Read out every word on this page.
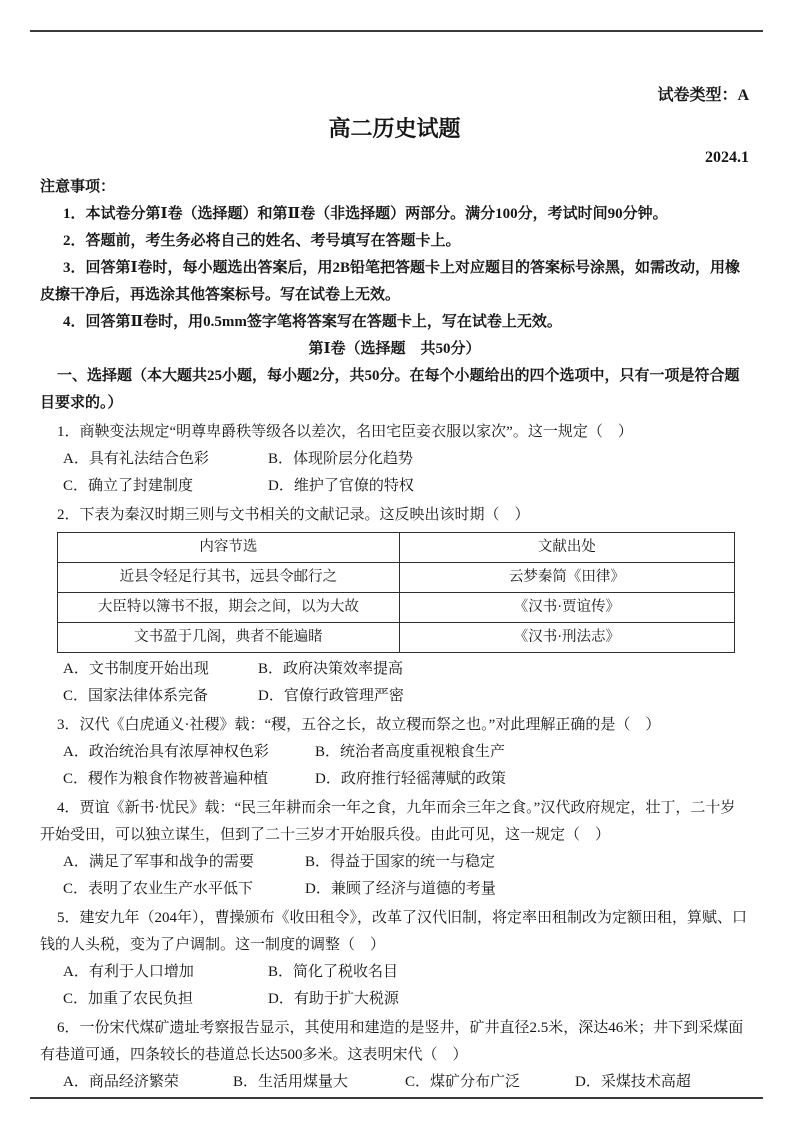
试卷类型：A

高二历史试题

2024.1

注意事项：

1．本试卷分第Ⅰ卷（选择题）和第Ⅱ卷（非选择题）两部分。满分100分，考试时间90分钟。

2．答题前，考生务必将自己的姓名、考号填写在答题卡上。

3．回答第Ⅰ卷时，每小题选出答案后，用2B铅笔把答题卡上对应题目的答案标号涂黑，如需改动，用橡皮擦干净后，再选涂其他答案标号。写在试卷上无效。

4．回答第Ⅱ卷时，用0.5mm签字笔将答案写在答题卡上，写在试卷上无效。

第Ⅰ卷（选择题　共50分）

一、选择题（本大题共25小题，每小题2分，共50分。在每个小题给出的四个选项中，只有一项是符合题目要求的。）

1．商鞅变法规定“明尊卑爵秩等级各以差次，名田宅臣妾衣服以家次”。这一规定（　）

A．具有礼法结合色彩	B．体现阶层分化趋势
C．确立了封建制度	D．维护了官僚的特权

2．下表为秦汉时期三则与文书相关的文献记录。这反映出该时期（　）

内容节选	文献出处
近县令轻足行其书，远县令邮行之	云梦秦简《田律》
大臣特以簿书不报，期会之间，以为大故	《汉书·贾谊传》
文书盈于几阁，典者不能遍睹	《汉书·刑法志》
A．文书制度开始出现	B．政府决策效率提高
C．国家法律体系完备	D．官僚行政管理严密

3．汉代《白虎通义·社稷》载：“稷，五谷之长，故立稷而祭之也。”对此理解正确的是（　）

A．政治统治具有浓厚神权色彩	B．统治者高度重视粮食生产
C．稷作为粮食作物被普遍种植	D．政府推行轻徭薄赋的政策

4．贾谊《新书·忧民》载：“民三年耕而余一年之食，九年而余三年之食。”汉代政府规定，壮丁，二十岁开始受田，可以独立谋生，但到了二十三岁才开始服兵役。由此可见，这一规定（　）

A．满足了军事和战争的需要	B．得益于国家的统一与稳定
C．表明了农业生产水平低下	D．兼顾了经济与道德的考量

5．建安九年（204年），曹操颁布《收田租令》，改革了汉代旧制，将定率田租制改为定额田租，算赋、口钱的人头税，变为了户调制。这一制度的调整（　）

A．有利于人口增加	B．简化了税收名目
C．加重了农民负担	D．有助于扩大税源

6．一份宋代煤矿遗址考察报告显示，其使用和建造的是竖井，矿井直径2.5米，深达46米；井下到采煤面有巷道可通，四条较长的巷道总长达500多米。这表明宋代（　）

A．商品经济繁荣	B．生活用煤量大	C．煤矿分布广泛	D．采煤技术高超
